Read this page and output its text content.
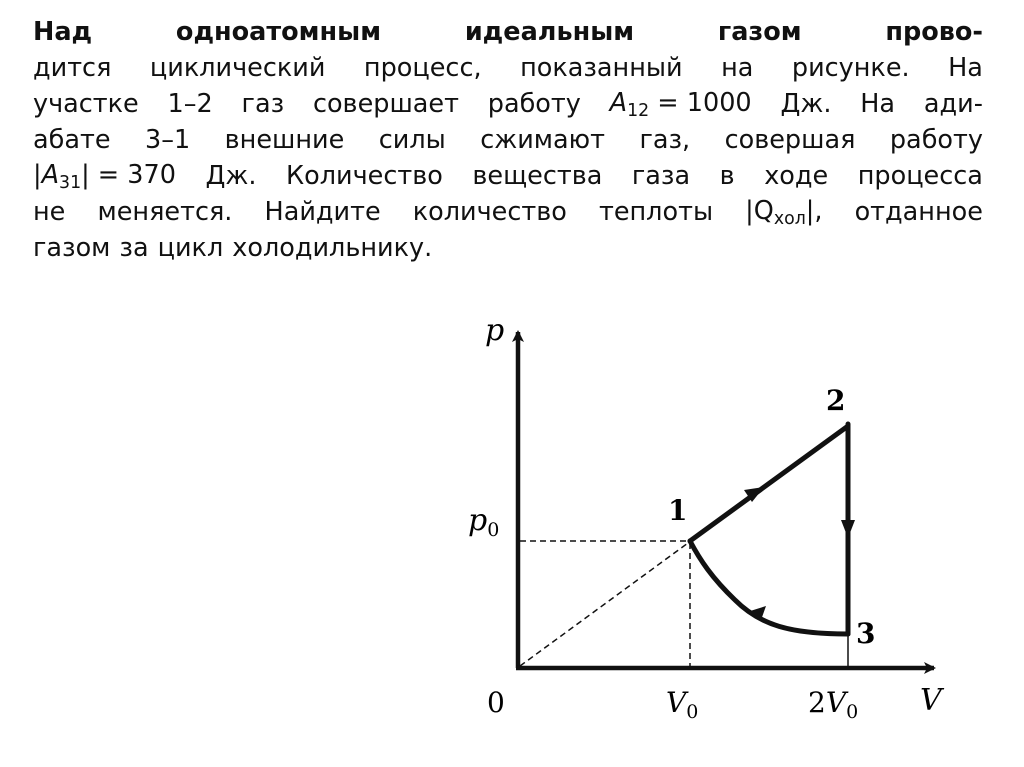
Над	одноатомным	идеальным	газом	прово-
дится циклический процесс, показанный на рисунке. На
участке 1–2 газ совершает работу $A_{12} = 1000$ Дж. На ади-
абате 3–1 внешние силы сжимают газ, совершая работу
$|A_{31}| = 370$ Дж. Количество вещества газа в ходе процесса
не меняется. Найдите количество теплоты $|Q_{хол}|$, отданное
газом за цикл холодильнику.
p
V
0
$p_0$
$V_0$	$2V_0$
1
2
3
